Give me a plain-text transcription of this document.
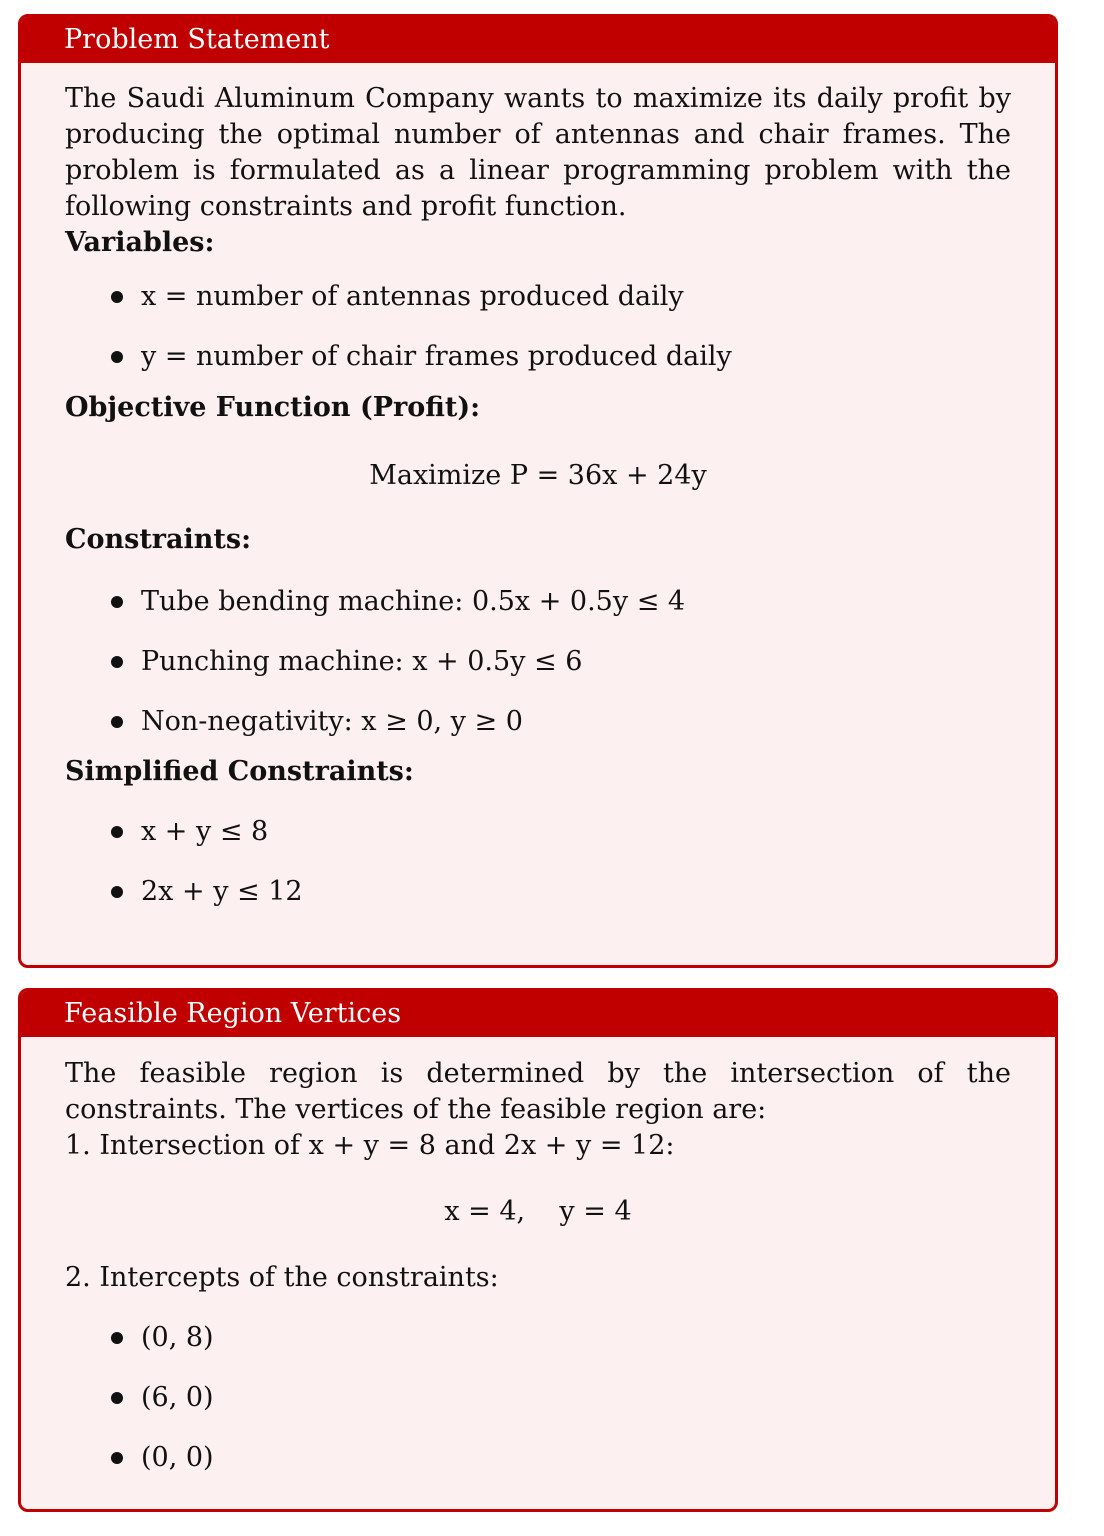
Problem Statement

The Saudi Aluminum Company wants to maximize its daily profit by producing the optimal number of antennas and chair frames. The problem is formulated as a linear programming problem with the following constraints and profit function.

Variables:

x = number of antennas produced daily
y = number of chair frames produced daily

Objective Function (Profit):

Maximize P = 36x + 24y

Constraints:

Tube bending machine: 0.5x + 0.5y ≤ 4
Punching machine: x + 0.5y ≤ 6
Non-negativity: x ≥ 0, y ≥ 0

Simplified Constraints:

x + y ≤ 8
2x + y ≤ 12
Feasible Region Vertices

The feasible region is determined by the intersection of the constraints. The vertices of the feasible region are:

1. Intersection of x + y = 8 and 2x + y = 12:

x = 4,    y = 4

2. Intercepts of the constraints:

(0, 8)
(6, 0)
(0, 0)
